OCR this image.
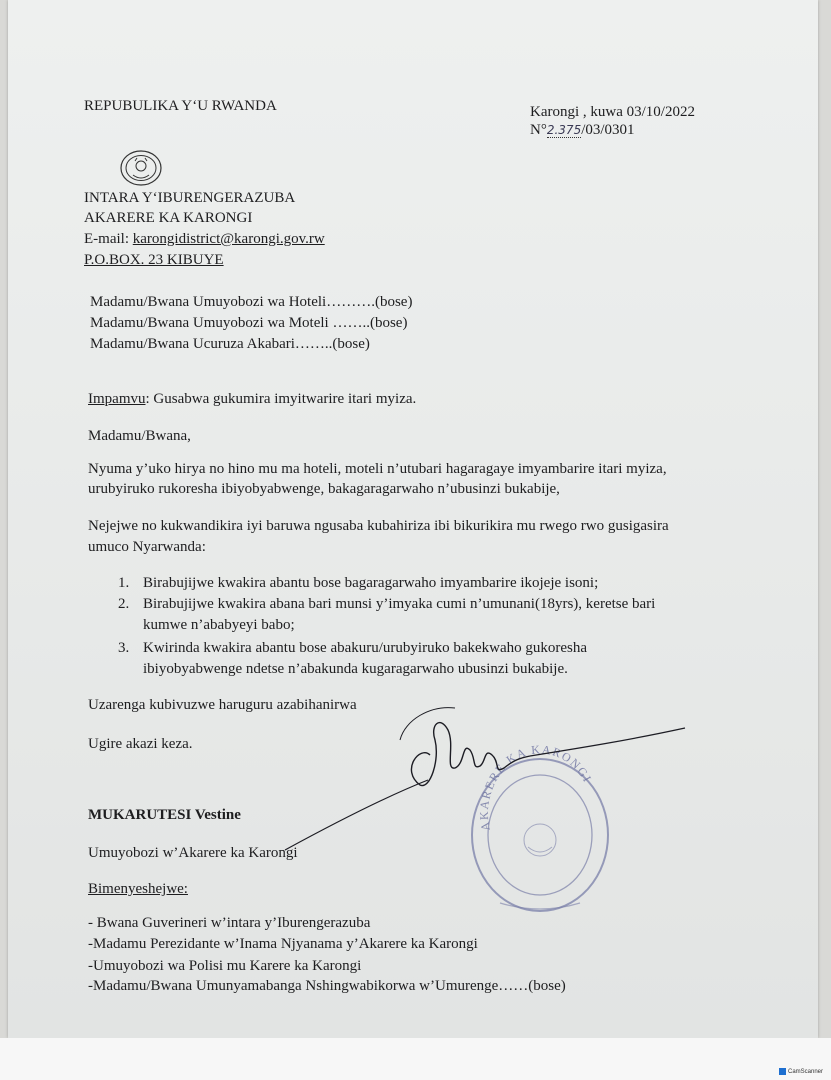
REPUBULIKA Y‘U RWANDA	Karongi , kuwa 03/10/2022
N°2.375/03/0301
INTARA Y‘IBURENGERAZUBA
AKARERE KA KARONGI
E-mail: karongidistrict@karongi.gov.rw
P.O.BOX. 23 KIBUYE
Madamu/Bwana Umuyobozi wa Hoteli……….(bose)
Madamu/Bwana Umuyobozi wa Moteli ……..(bose)
Madamu/Bwana Ucuruza Akabari……..(bose)
Impamvu: Gusabwa gukumira imyitwarire itari myiza.
Madamu/Bwana,
Nyuma y’uko hirya no hino mu ma hoteli, moteli n’utubari hagaragaye imyambarire itari myiza,
urubyiruko rukoresha ibiyobyabwenge, bakagaragarwaho n’ubusinzi bukabije,
Nejejwe no kukwandikira iyi baruwa ngusaba kubahiriza ibi bikurikira mu rwego rwo gusigasira
umuco Nyarwanda:
1. Birabujijwe kwakira abantu bose bagaragarwaho imyambarire ikojeje isoni;
2. Birabujijwe kwakira abana bari munsi y’imyaka cumi n’umunani(18yrs), keretse bari
kumwe n’ababyeyi babo;
3. Kwirinda kwakira abantu bose abakuru/urubyiruko bakekwaho gukoresha
ibiyobyabwenge ndetse n’abakunda kugaragarwaho ubusinzi bukabije.
Uzarenga kubivuzwe haruguru azabihanirwa
Ugire akazi keza.
AKARERE KA KARONGI
MUKARUTESI Vestine
Umuyobozi w’Akarere ka Karongi
Bimenyeshejwe:
- Bwana Guverineri w’intara y’Iburengerazuba
-Madamu Perezidante w’Inama Njyanama y’Akarere ka Karongi
-Umuyobozi wa Polisi mu Karere ka Karongi
-Madamu/Bwana Umunyamabanga Nshingwabikorwa w’Umurenge……(bose)
CamScanner
